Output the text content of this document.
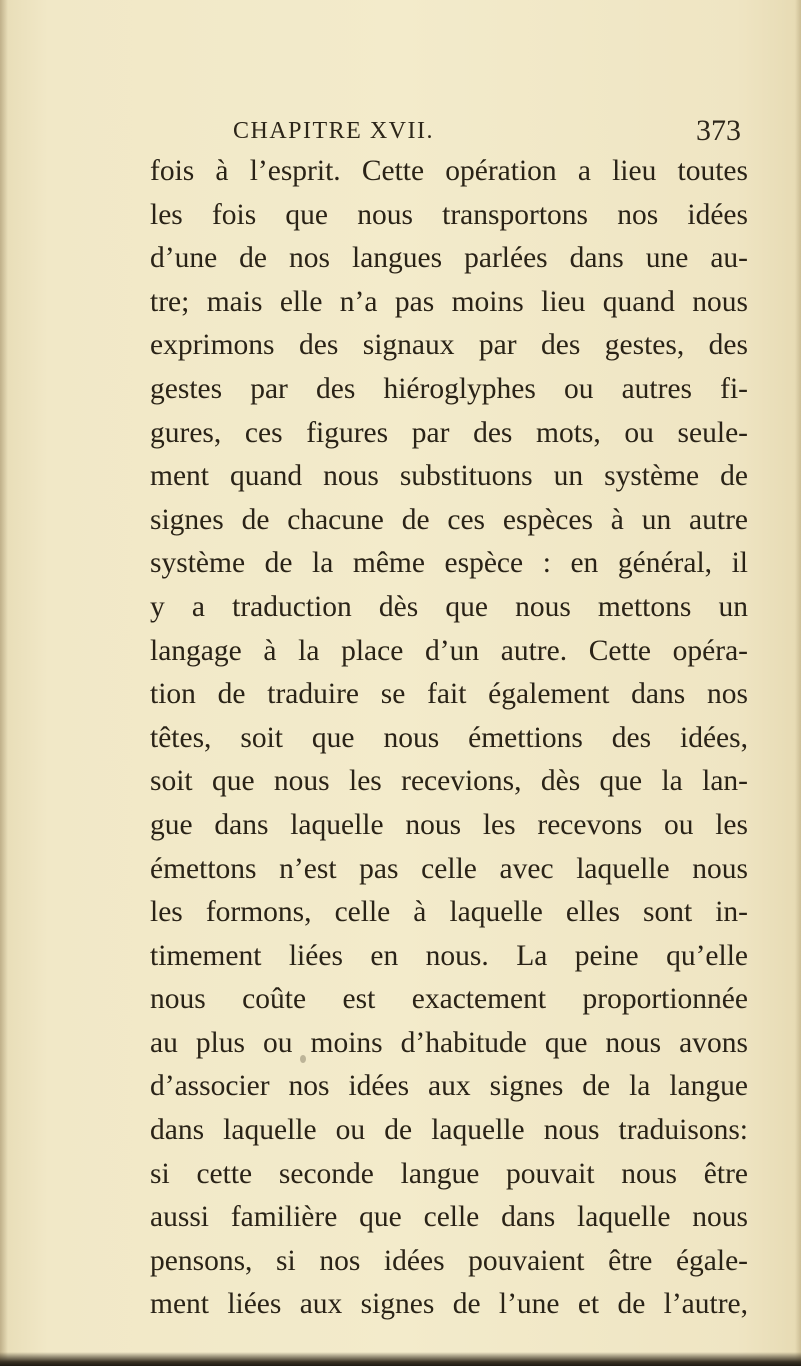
CHAPITRE XVII.	373
fois à l’esprit. Cette opération a lieu toutes
les fois que nous transportons nos idées
d’une de nos langues parlées dans une au-
tre; mais elle n’a pas moins lieu quand nous
exprimons des signaux par des gestes, des
gestes par des hiéroglyphes ou autres fi-
gures, ces figures par des mots, ou seule-
ment quand nous substituons un système de
signes de chacune de ces espèces à un autre
système de la même espèce : en général, il
y a traduction dès que nous mettons un
langage à la place d’un autre. Cette opéra-
tion de traduire se fait également dans nos
têtes, soit que nous émettions des idées,
soit que nous les recevions, dès que la lan-
gue dans laquelle nous les recevons ou les
émettons n’est pas celle avec laquelle nous
les formons, celle à laquelle elles sont in-
timement liées en nous. La peine qu’elle
nous coûte est exactement proportionnée
au plus ou moins d’habitude que nous avons
d’associer nos idées aux signes de la langue
dans laquelle ou de laquelle nous traduisons:
si cette seconde langue pouvait nous être
aussi familière que celle dans laquelle nous
pensons, si nos idées pouvaient être égale-
ment liées aux signes de l’une et de l’autre,
